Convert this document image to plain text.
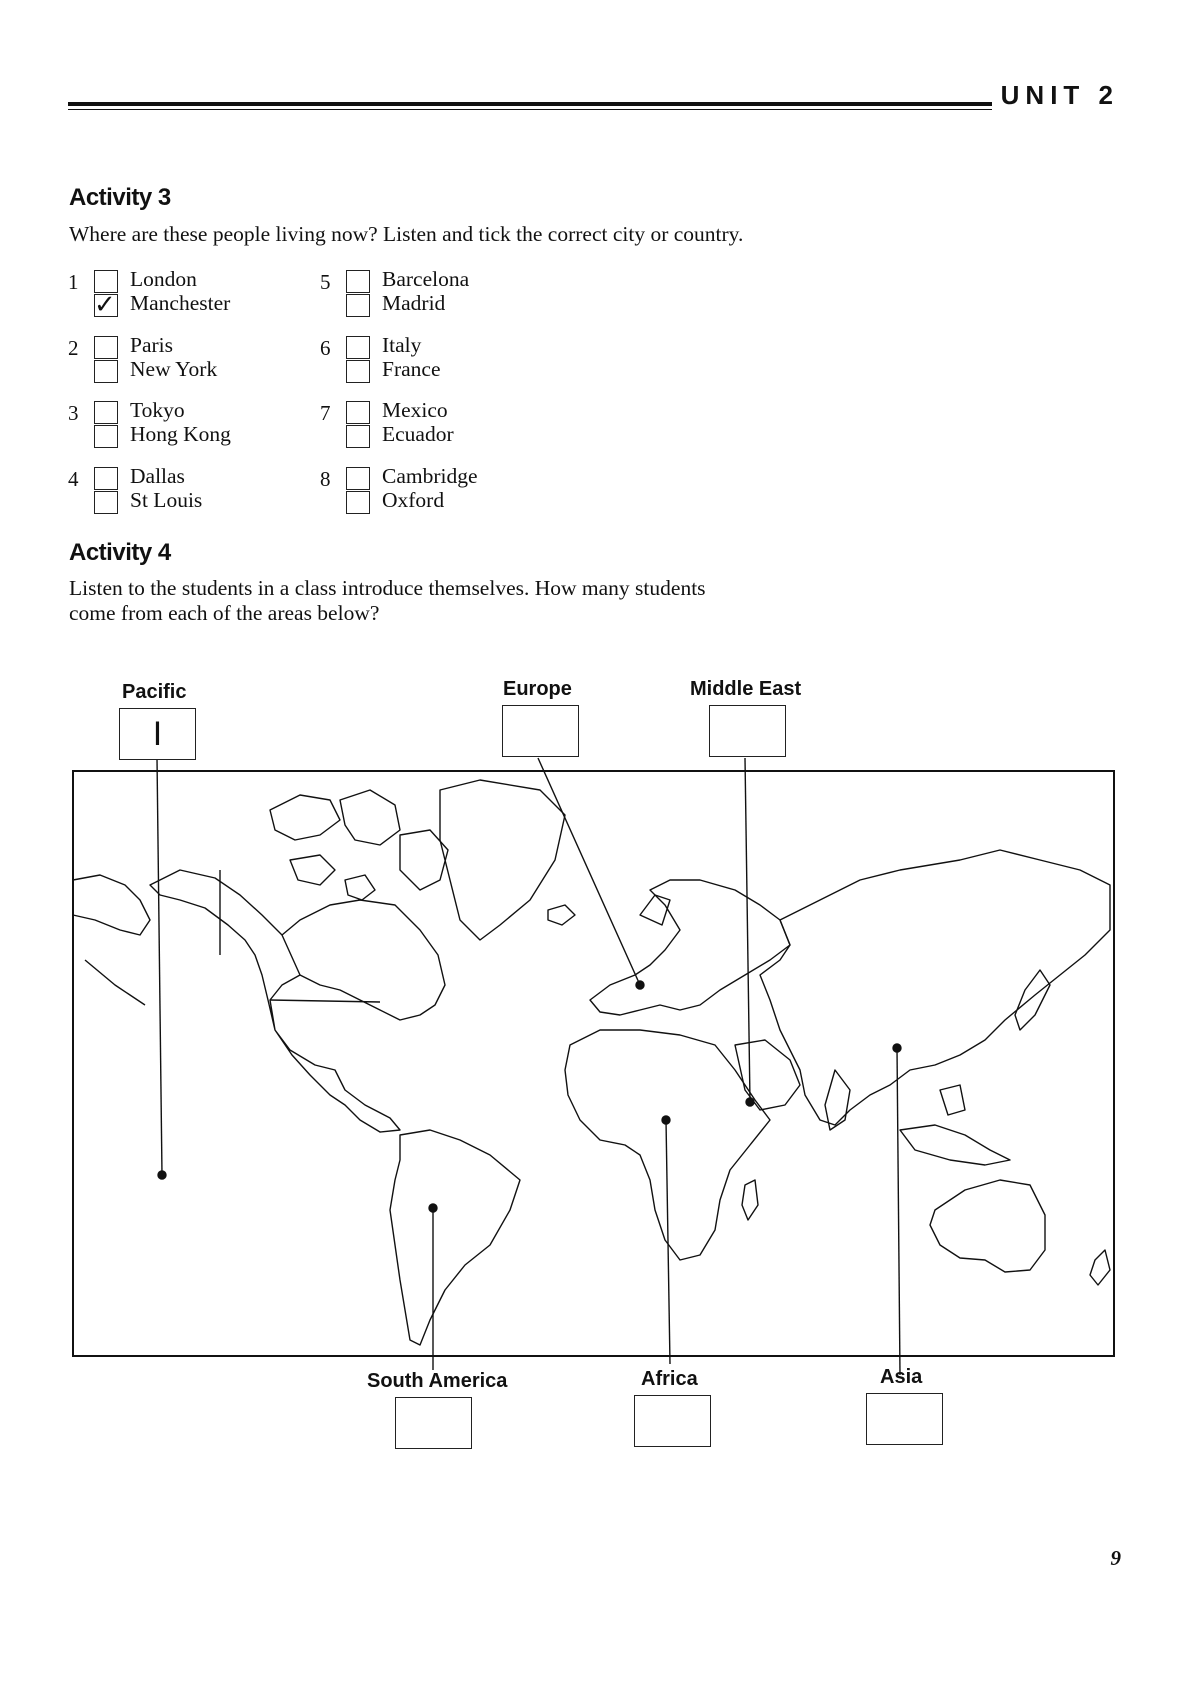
UNIT 2
Activity 3
Where are these people living now? Listen and tick the correct city or country.
1 London
✓ Manchester
2 Paris
New York
3 Tokyo
Hong Kong
4 Dallas
St Louis
5 Barcelona
Madrid
6 Italy
France
7 Mexico
Ecuador
8 Cambridge
Oxford
Activity 4
Listen to the students in a class introduce themselves. How many students
come from each of the areas below?
Pacific
I
Europe	Middle East
South America	Africa	Asia
9
